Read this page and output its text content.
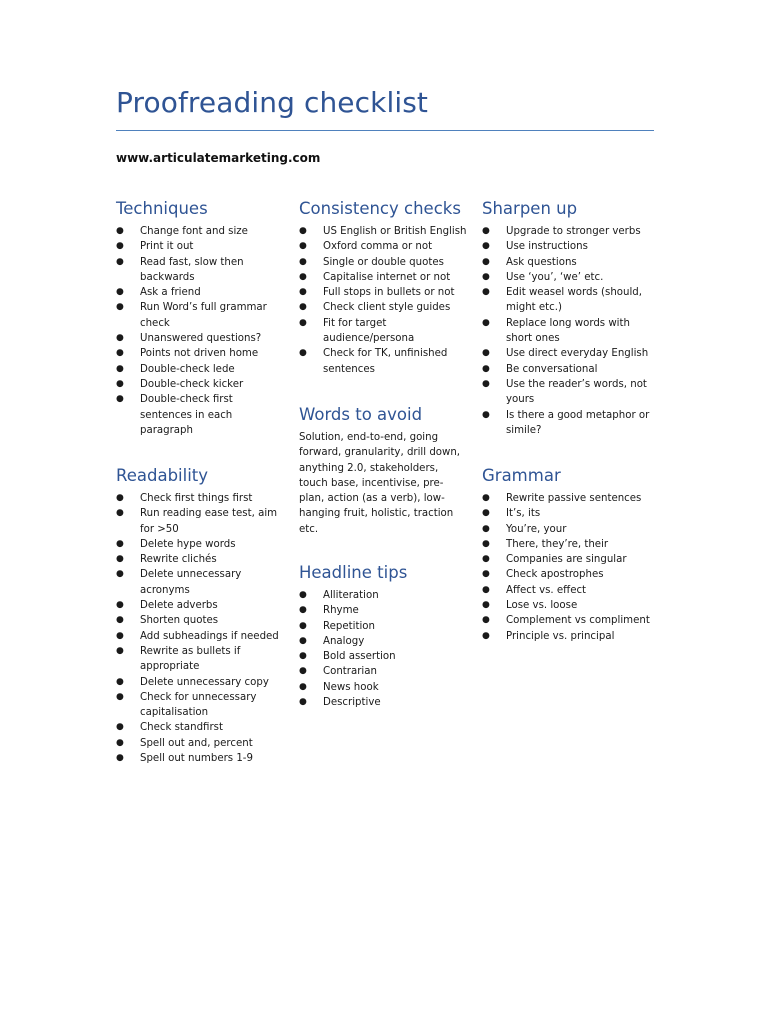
Proofreading checklist
www.articulatemarketing.com
Techniques
● Change font and size
● Print it out
● Read fast, slow then backwards
● Ask a friend
● Run Word’s full grammar check
● Unanswered questions?
● Points not driven home
● Double-check lede
● Double-check kicker
● Double-check first sentences in each paragraph
Readability
● Check first things first
● Run reading ease test, aim for >50
● Delete hype words
● Rewrite clichés
● Delete unnecessary acronyms
● Delete adverbs
● Shorten quotes
● Add subheadings if needed
● Rewrite as bullets if appropriate
● Delete unnecessary copy
● Check for unnecessary capitalisation
● Check standfirst
● Spell out and, percent
● Spell out numbers 1-9
Consistency checks
● US English or British English
● Oxford comma or not
● Single or double quotes
● Capitalise internet or not
● Full stops in bullets or not
● Check client style guides
● Fit for target audience/persona
● Check for TK, unfinished sentences
Words to avoid

Solution, end-to-end, going forward, granularity, drill down, anything 2.0, stakeholders, touch base, incentivise, pre-plan, action (as a verb), low-hanging fruit, holistic, traction etc.

Headline tips
● Alliteration
● Rhyme
● Repetition
● Analogy
● Bold assertion
● Contrarian
● News hook
● Descriptive
Sharpen up
● Upgrade to stronger verbs
● Use instructions
● Ask questions
● Use ‘you’, ‘we’ etc.
● Edit weasel words (should, might etc.)
● Replace long words with short ones
● Use direct everyday English
● Be conversational
● Use the reader’s words, not yours
● Is there a good metaphor or simile?
Grammar
● Rewrite passive sentences
● It’s, its
● You’re, your
● There, they’re, their
● Companies are singular
● Check apostrophes
● Affect vs. effect
● Lose vs. loose
● Complement vs compliment
● Principle vs. principal
